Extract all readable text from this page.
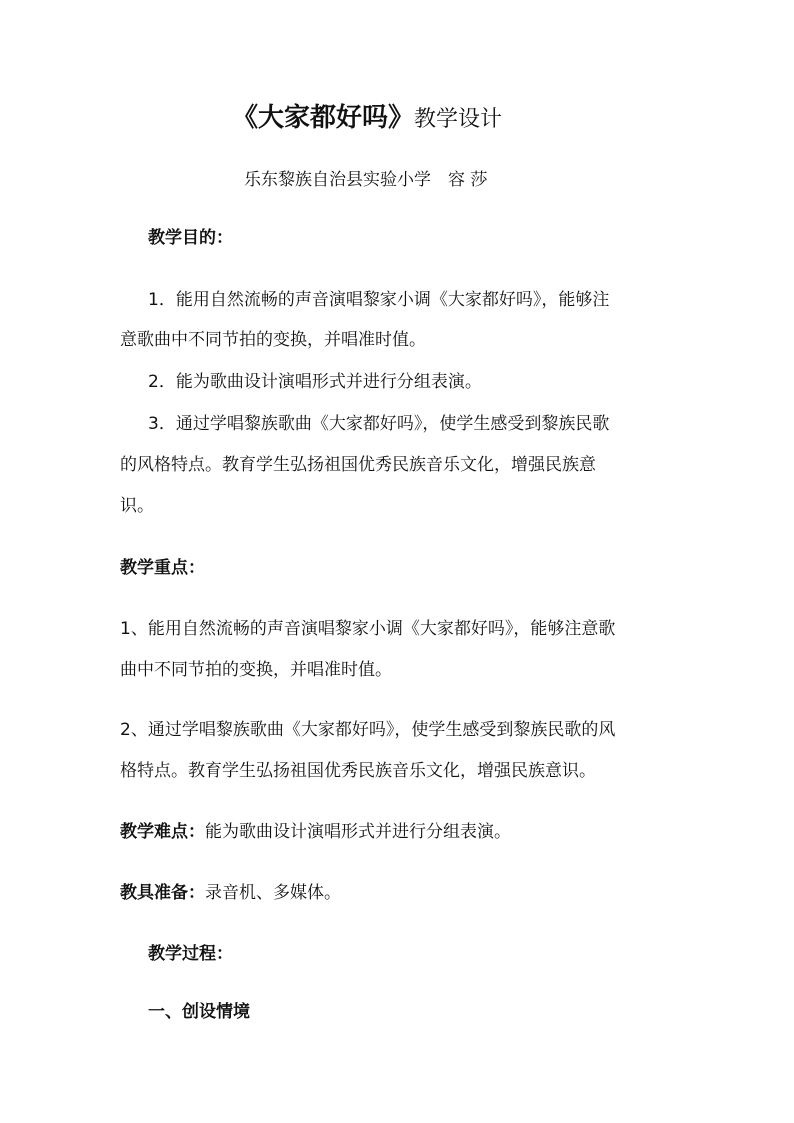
《大家都好吗》教学设计
乐东黎族自治县实验小学　容 莎
教学目的：
1．能用自然流畅的声音演唱黎家小调《大家都好吗》，能够注
意歌曲中不同节拍的变换，并唱准时值。
2．能为歌曲设计演唱形式并进行分组表演。
3．通过学唱黎族歌曲《大家都好吗》，使学生感受到黎族民歌
的风格特点。教育学生弘扬祖国优秀民族音乐文化，增强民族意
识。
教学重点：
1、能用自然流畅的声音演唱黎家小调《大家都好吗》，能够注意歌
曲中不同节拍的变换，并唱准时值。
2、通过学唱黎族歌曲《大家都好吗》，使学生感受到黎族民歌的风
格特点。教育学生弘扬祖国优秀民族音乐文化，增强民族意识。
教学难点：能为歌曲设计演唱形式并进行分组表演。
教具准备：录音机、多媒体。
教学过程：
一、创设情境
